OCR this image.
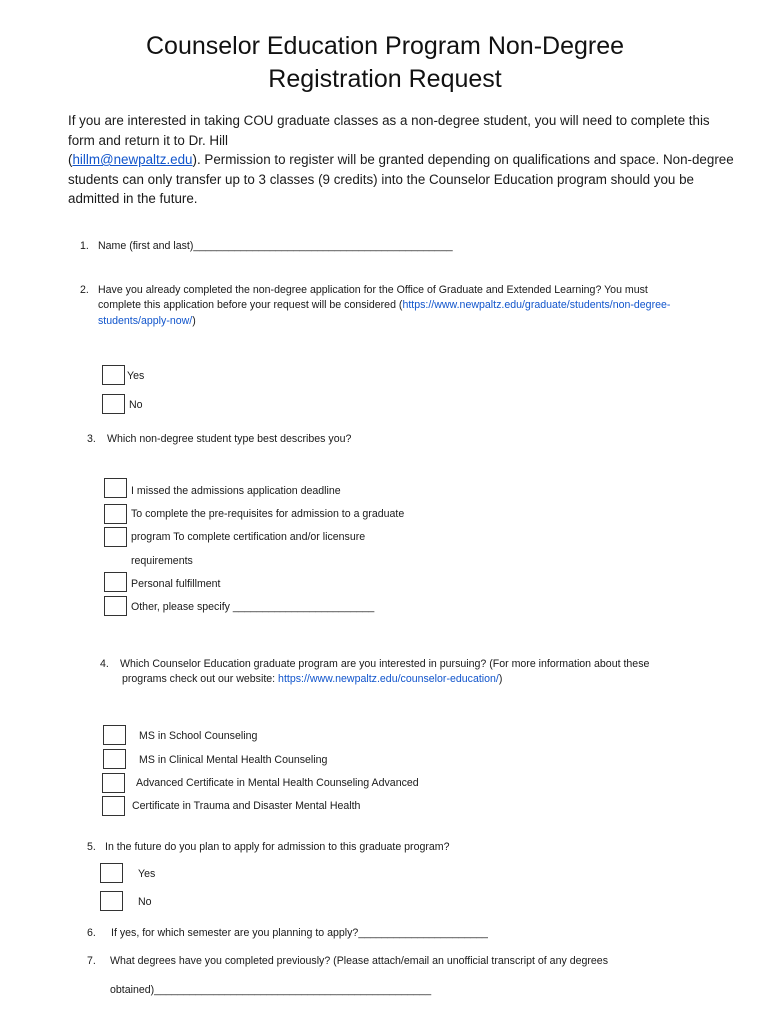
Counselor Education Program Non-Degree
Registration Request
If you are interested in taking COU graduate classes as a non-degree student, you will need to complete this form and return it to Dr. Hill
(hillm@newpaltz.edu). Permission to register will be granted depending on qualifications and space. Non-degree students can only transfer up to 3 classes (9 credits) into the Counselor Education program should you be admitted in the future.
1. Name (first and last)____________________________________________
2. Have you already completed the non-degree application for the Office of Graduate and Extended Learning? You must
complete this application before your request will be considered (https://www.newpaltz.edu/graduate/students/non-degree-
students/apply-now/)
Yes
No
3. Which non-degree student type best describes you?
I missed the admissions application deadline
To complete the pre-requisites for admission to a graduate
program To complete certification and/or licensure
requirements
Personal fulfillment
Other, please specify ________________________
4. Which Counselor Education graduate program are you interested in pursuing? (For more information about these
programs check out our website: https://www.newpaltz.edu/counselor-education/)
MS in School Counseling
MS in Clinical Mental Health Counseling
Advanced Certificate in Mental Health Counseling Advanced
Certificate in Trauma and Disaster Mental Health
5. In the future do you plan to apply for admission to this graduate program?
Yes
No
6. If yes, for which semester are you planning to apply?______________________
7. What degrees have you completed previously? (Please attach/email an unofficial transcript of any degrees
obtained)_______________________________________________
